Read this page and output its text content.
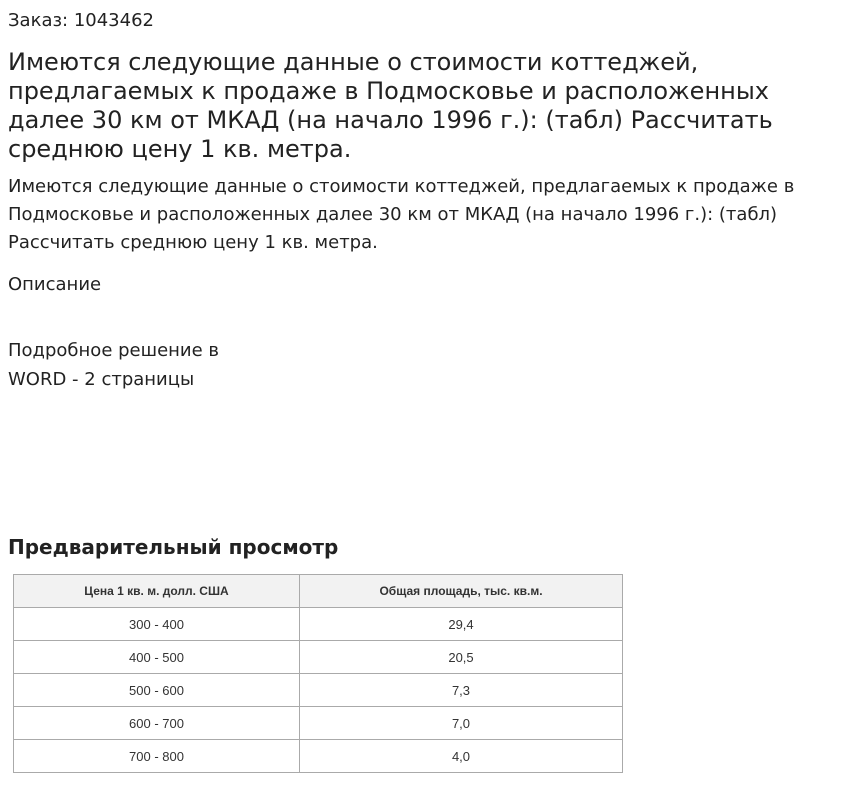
Заказ: 1043462
Имеются следующие данные о стоимости коттеджей, предлагаемых к продаже в Подмосковье и расположенных далее 30 км от МКАД (на начало 1996 г.): (табл) Рассчитать среднюю цену 1 кв. метра.

Имеются следующие данные о стоимости коттеджей, предлагаемых к продаже в Подмосковье и расположенных далее 30 км от МКАД (на начало 1996 г.): (табл) Рассчитать среднюю цену 1 кв. метра.

Описание
Подробное решение в WORD - 2 страницы
Предварительный просмотр
Цена 1 кв. м. долл. США	Общая площадь, тыс. кв.м.
300 - 400	29,4
400 - 500	20,5
500 - 600	7,3
600 - 700	7,0
700 - 800	4,0
